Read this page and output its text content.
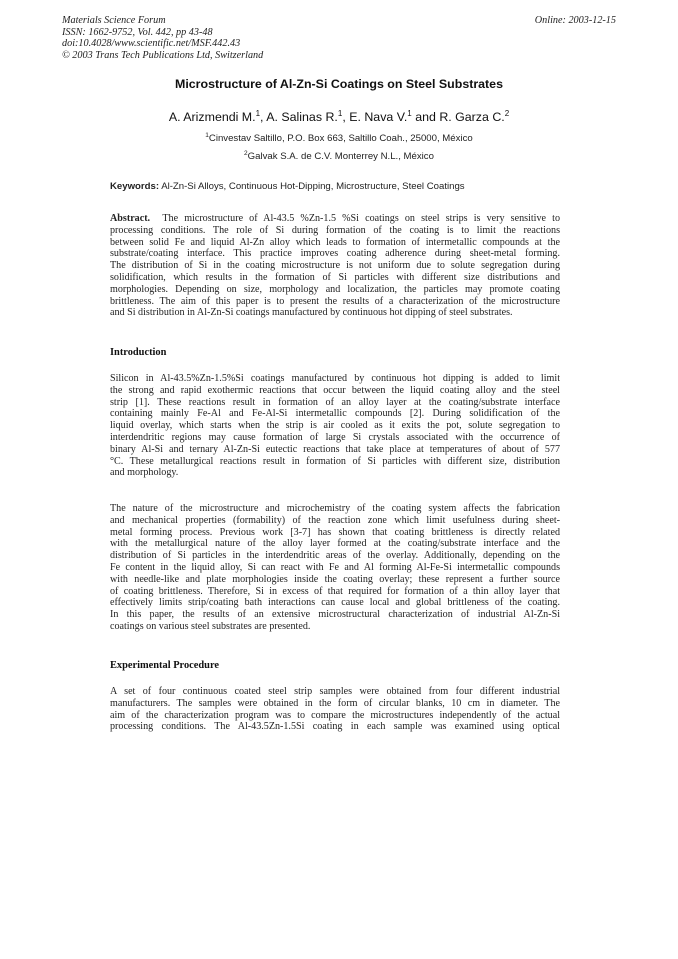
Materials Science Forum
ISSN: 1662-9752, Vol. 442, pp 43-48
doi:10.4028/www.scientific.net/MSF.442.43
© 2003 Trans Tech Publications Ltd, Switzerland
Online: 2003-12-15
Microstructure of Al-Zn-Si Coatings on Steel Substrates
A. Arizmendi M.$^1$, A. Salinas R.$^1$, E. Nava V.$^1$ and R. Garza C.$^2$
$^1$Cinvestav Saltillo, P.O. Box 663, Saltillo Coah., 25000, México
$^2$Galvak S.A. de C.V. Monterrey N.L., México
Keywords: Al-Zn-Si Alloys, Continuous Hot-Dipping, Microstructure, Steel Coatings
Abstract.  The microstructure of Al-43.5 %Zn-1.5 %Si coatings on steel strips is very sensitive to
processing conditions. The role of Si during formation of the coating is to limit the reactions
between solid Fe and liquid Al-Zn alloy which leads to formation of intermetallic compounds at the
substrate/coating interface. This practice improves coating adherence during sheet-metal forming.
The distribution of Si in the coating microstructure is not uniform due to solute segregation during
solidification, which results in the formation of Si particles with different size distributions and
morphologies. Depending on size, morphology and localization, the particles may promote coating
brittleness. The aim of this paper is to present the results of a characterization of the microstructure
and Si distribution in Al-Zn-Si coatings manufactured by continuous hot dipping of steel substrates.
Introduction
Silicon in Al-43.5%Zn-1.5%Si coatings manufactured by continuous hot dipping is added to limit
the strong and rapid exothermic reactions that occur between the liquid coating alloy and the steel
strip [1]. These reactions result in formation of an alloy layer at the coating/substrate interface
containing mainly Fe-Al and Fe-Al-Si intermetallic compounds [2]. During solidification of the
liquid overlay, which starts when the strip is air cooled as it exits the pot, solute segregation to
interdendritic regions may cause formation of large Si crystals associated with the occurrence of
binary Al-Si and ternary Al-Zn-Si eutectic reactions that take place at temperatures of about of 577
°C. These metallurgical reactions result in formation of Si particles with different size, distribution
and morphology.
The nature of the microstructure and microchemistry of the coating system affects the fabrication
and mechanical properties (formability) of the reaction zone which limit usefulness during sheet-
metal forming process. Previous work [3-7] has shown that coating brittleness is directly related
with the metallurgical nature of the alloy layer formed at the coating/substrate interface and the
distribution of Si particles in the interdendritic areas of the overlay. Additionally, depending on the
Fe content in the liquid alloy, Si can react with Fe and Al forming Al-Fe-Si intermetallic compounds
with needle-like and plate morphologies inside the coating overlay; these represent a further source
of coating brittleness. Therefore, Si in excess of that required for formation of a thin alloy layer that
effectively limits strip/coating bath interactions can cause local and global brittleness of the coating.
In this paper, the results of an extensive microstructural characterization of industrial Al-Zn-Si
coatings on various steel substrates are presented.
Experimental Procedure
A set of four continuous coated steel strip samples were obtained from four different industrial
manufacturers. The samples were obtained in the form of circular blanks, 10 cm in diameter. The
aim of the characterization program was to compare the microstructures independently of the actual
processing conditions. The Al-43.5Zn-1.5Si coating in each sample was examined using optical
